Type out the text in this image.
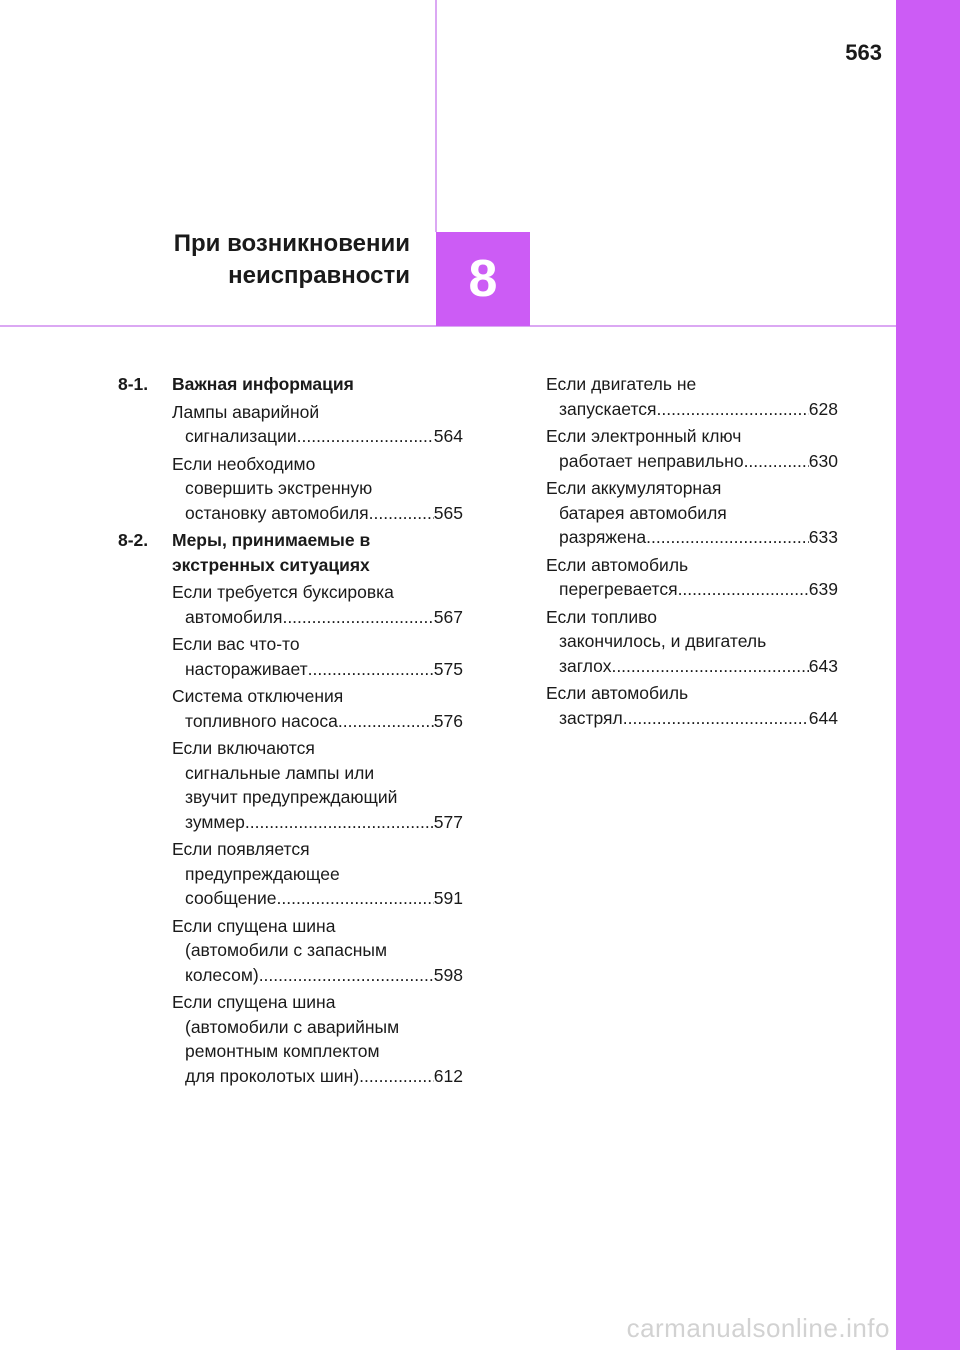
563
При возникновении
неисправности 8
8-1. Важная информация
Лампы аварийной
сигнализации .....	564
Если необходимо
совершить экстренную
остановку автомобиля .....	565
8-2. Меры, принимаемые в
экстренных ситуациях
Если требуется буксировка
автомобиля .....	567
Если вас что-то
настораживает .....	575
Система отключения
топливного насоса .....	576
Если включаются
сигнальные лампы или
звучит предупреждающий
зуммер .....	577
Если появляется
предупреждающее
сообщение .....	591
Если спущена шина
(автомобили с запасным
колесом) .....	598
Если спущена шина
(автомобили с аварийным
ремонтным комплектом
для проколотых шин) .....	612
Если двигатель не
запускается .....	628
Если электронный ключ
работает неправильно .....	630
Если аккумуляторная
батарея автомобиля
разряжена .....	633
Если автомобиль
перегревается .....	639
Если топливо
закончилось, и двигатель
заглох .....	643
Если автомобиль
застрял .....	644
carmanualsonline.info
